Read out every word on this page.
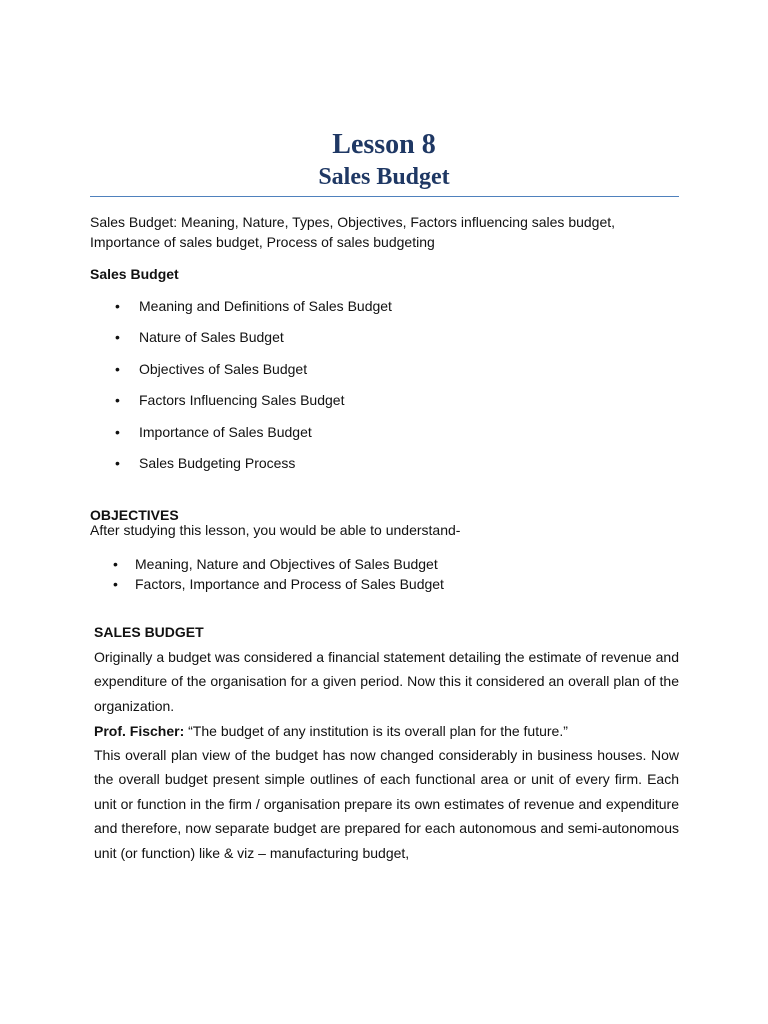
Lesson 8
Sales Budget

Sales Budget: Meaning, Nature, Types, Objectives, Factors influencing sales budget, Importance of sales budget, Process of sales budgeting

Sales Budget

• Meaning and Definitions of Sales Budget
• Nature of Sales Budget
• Objectives of Sales Budget
• Factors Influencing Sales Budget
• Importance of Sales Budget
• Sales Budgeting Process

OBJECTIVES

After studying this lesson, you would be able to understand-

• Meaning, Nature and Objectives of Sales Budget
• Factors, Importance and Process of Sales Budget

SALES BUDGET

Originally a budget was considered a financial statement detailing the estimate of revenue and expenditure of the organisation for a given period. Now this it considered an overall plan of the organization.

Prof. Fischer: “The budget of any institution is its overall plan for the future.”

This overall plan view of the budget has now changed considerably in business houses. Now the overall budget present simple outlines of each functional area or unit of every firm. Each unit or function in the firm / organisation prepare its own estimates of revenue and expenditure and therefore, now separate budget are prepared for each autonomous and semi-autonomous unit (or function) like & viz – manufacturing budget,
